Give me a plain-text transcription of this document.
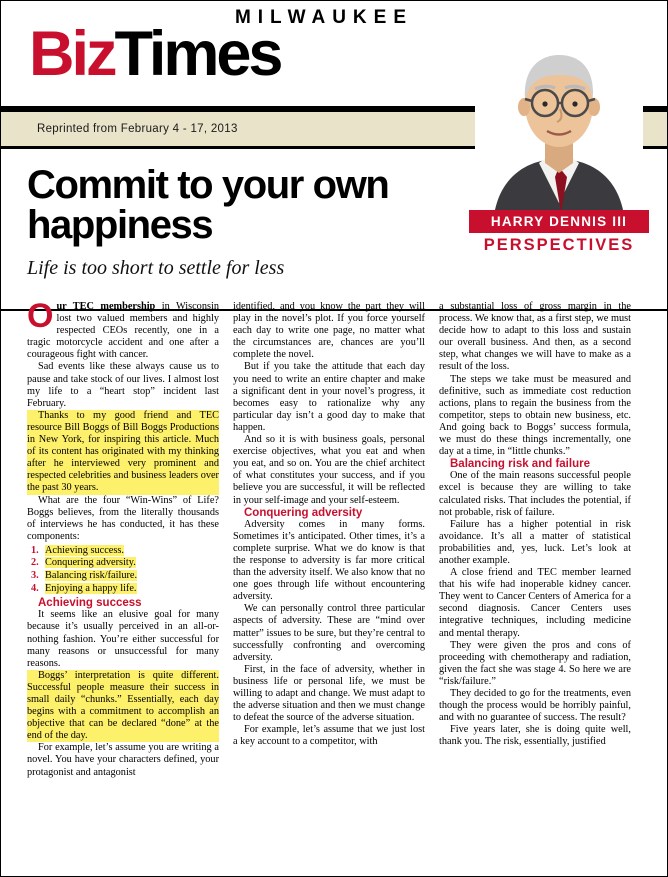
MILWAUKEE
BizTimes
Reprinted from February 4 - 17, 2013
Commit to your own happiness
Life is too short to settle for less
HARRY DENNIS III
PERSPECTIVES

Our TEC membership in Wisconsin lost two valued members and highly respected CEOs recently, one in a tragic motorcycle accident and one after a courageous fight with cancer.

Sad events like these always cause us to pause and take stock of our lives. I almost lost my life to a “heart stop” incident last February.

Thanks to my good friend and TEC resource Bill Boggs of Bill Boggs Productions in New York, for inspiring this article. Much of its content has originated with my thinking after he interviewed very prominent and respected celebrities and business leaders over the past 30 years.

What are the four “Win-Wins” of Life? Boggs believes, from the literally thousands of interviews he has conducted, it has these components:

Achieving success.
Conquering adversity.
Balancing risk/failure.
Enjoying a happy life.

Achieving success

It seems like an elusive goal for many because it’s usually perceived in an all-or-nothing fashion. You’re either successful for many reasons or unsuccessful for many reasons.

Boggs’ interpretation is quite different. Successful people measure their success in small daily “chunks.” Essentially, each day begins with a commitment to accomplish an objective that can be declared “done” at the end of the day.

For example, let’s assume you are writing a novel. You have your characters defined, your protagonist and antagonist

identified, and you know the part they will play in the novel’s plot. If you force yourself each day to write one page, no matter what the circumstances are, chances are you’ll complete the novel.

But if you take the attitude that each day you need to write an entire chapter and make a significant dent in your novel’s progress, it becomes easy to rationalize why any particular day isn’t a good day to make that happen.

And so it is with business goals, personal exercise objectives, what you eat and when you eat, and so on. You are the chief architect of what constitutes your success, and if you believe you are successful, it will be reflected in your self-image and your self-esteem.

Conquering adversity

Adversity comes in many forms. Sometimes it’s anticipated. Other times, it’s a complete surprise. What we do know is that the response to adversity is far more critical than the adversity itself. We also know that no one goes through life without encountering adversity.

We can personally control three particular aspects of adversity. These are “mind over matter” issues to be sure, but they’re central to successfully confronting and overcoming adversity.

First, in the face of adversity, whether in business life or personal life, we must be willing to adapt and change. We must adapt to the adverse situation and then we must change to defeat the source of the adverse situation.

For example, let’s assume that we just lost a key account to a competitor, with

a substantial loss of gross margin in the process. We know that, as a first step, we must decide how to adapt to this loss and sustain our overall business. And then, as a second step, what changes we will have to make as a result of the loss.

The steps we take must be measured and definitive, such as immediate cost reduction actions, plans to regain the business from the competitor, steps to obtain new business, etc. And going back to Boggs’ success formula, we must do these things incrementally, one day at a time, in “little chunks.”

Balancing risk and failure

One of the main reasons successful people excel is because they are willing to take calculated risks. That includes the potential, if not probable, risk of failure.

Failure has a higher potential in risk avoidance. It’s all a matter of statistical probabilities and, yes, luck. Let’s look at another example.

A close friend and TEC member learned that his wife had inoperable kidney cancer. They went to Cancer Centers of America for a second diagnosis. Cancer Centers uses integrative techniques, including medicine and mental therapy.

They were given the pros and cons of proceeding with chemotherapy and radiation, given the fact she was stage 4. So here we are “risk/failure.”

They decided to go for the treatments, even though the process would be horribly painful, and with no guarantee of success. The result?

Five years later, she is doing quite well, thank you. The risk, essentially, justified
